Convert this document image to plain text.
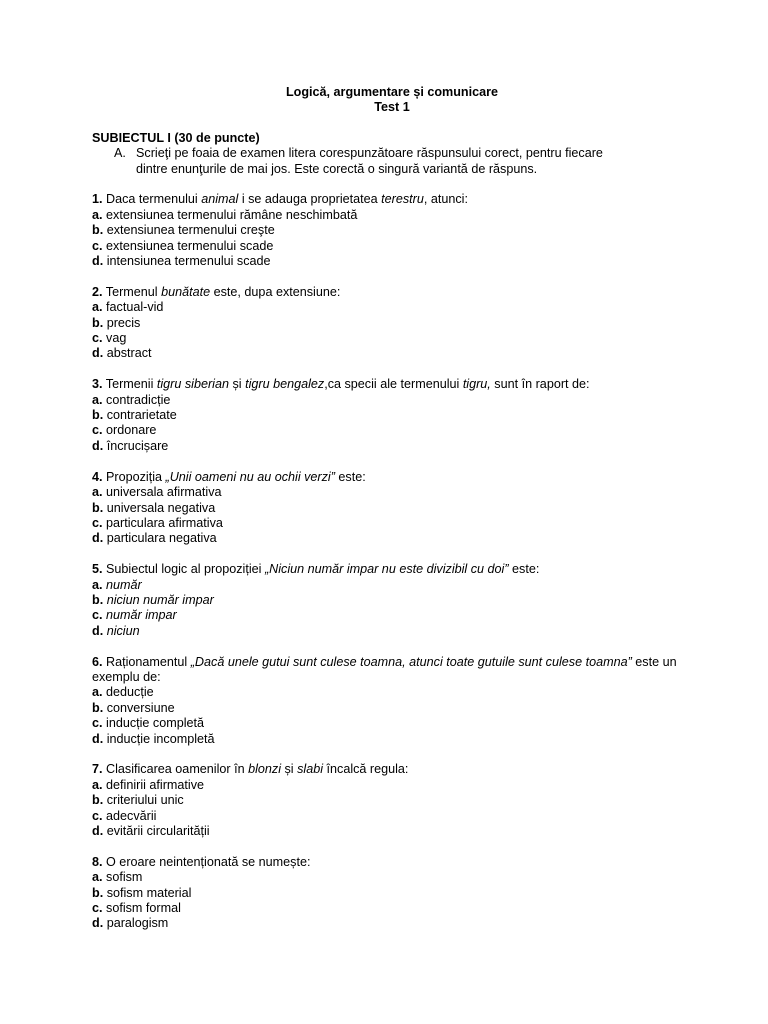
Logică, argumentare și comunicare
Test 1
SUBIECTUL I (30 de puncte)
A. Scrieţi pe foaia de examen litera corespunzătoare răspunsului corect, pentru fiecare
dintre enunţurile de mai jos. Este corectă o singură variantă de răspuns.
1. Daca termenului animal i se adauga proprietatea terestru, atunci:
a. extensiunea termenului rămâne neschimbată
b. extensiunea termenului creşte
c. extensiunea termenului scade
d. intensiunea termenului scade
2. Termenul bunătate este, dupa extensiune:
a. factual-vid
b. precis
c. vag
d. abstract
3. Termenii tigru siberian și tigru bengalez,ca specii ale termenului tigru, sunt în raport de:
a. contradicție
b. contrarietate
c. ordonare
d. încrucișare
4. Propoziția „Unii oameni nu au ochii verzi” este:
a. universala afirmativa
b. universala negativa
c. particulara afirmativa
d. particulara negativa
5. Subiectul logic al propoziției „Niciun număr impar nu este divizibil cu doi” este:
a. număr
b. niciun număr impar
c. număr impar
d. niciun
6. Raționamentul „Dacă unele gutui sunt culese toamna, atunci toate gutuile sunt culese toamna” este un exemplu de:
a. deducție
b. conversiune
c. inducție completă
d. inducție incompletă
7. Clasificarea oamenilor în blonzi și slabi încalcă regula:
a. definirii afirmative
b. criteriului unic
c. adecvării
d. evitării circularității
8. O eroare neintenționată se numește:
a. sofism
b. sofism material
c. sofism formal
d. paralogism
